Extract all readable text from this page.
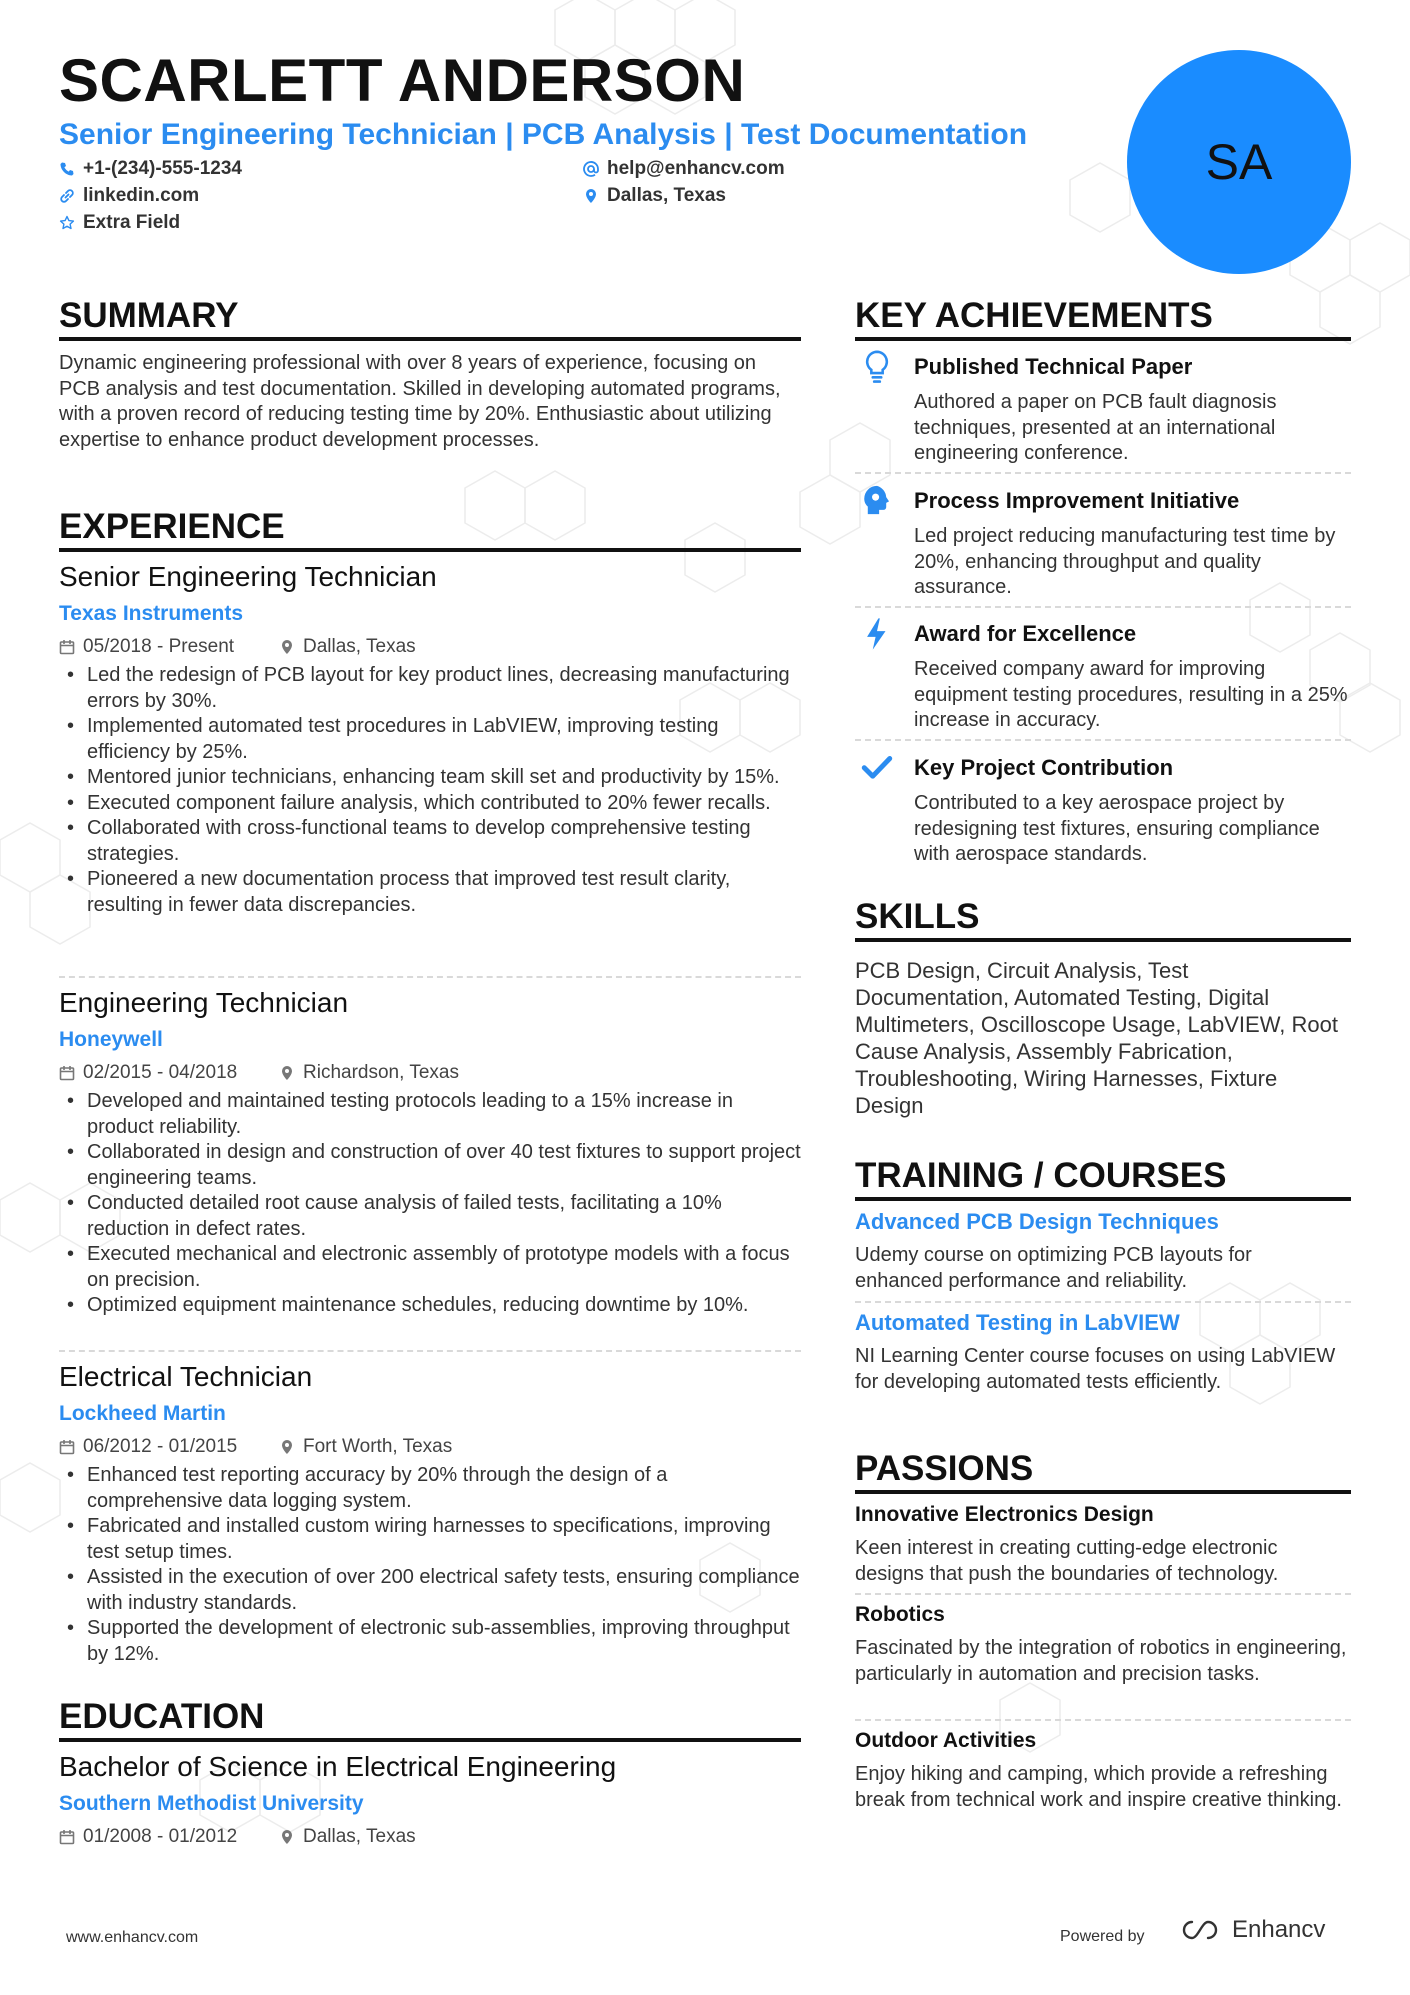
SCARLETT ANDERSON
Senior Engineering Technician | PCB Analysis | Test Documentation
+1-(234)-555-1234	help@enhancv.com
linkedin.com	Dallas, Texas
Extra Field
SA
SUMMARY
Dynamic engineering professional with over 8 years of experience, focusing on PCB analysis and test documentation. Skilled in developing automated programs, with a proven record of reducing testing time by 20%. Enthusiastic about utilizing expertise to enhance product development processes.
EXPERIENCE
Senior Engineering Technician
Texas Instruments
05/2018 - Present	Dallas, Texas
• Led the redesign of PCB layout for key product lines, decreasing manufacturing errors by 30%.
• Implemented automated test procedures in LabVIEW, improving testing efficiency by 25%.
• Mentored junior technicians, enhancing team skill set and productivity by 15%.
• Executed component failure analysis, which contributed to 20% fewer recalls.
• Collaborated with cross-functional teams to develop comprehensive testing strategies.
• Pioneered a new documentation process that improved test result clarity, resulting in fewer data discrepancies.
Engineering Technician
Honeywell
02/2015 - 04/2018	Richardson, Texas
• Developed and maintained testing protocols leading to a 15% increase in product reliability.
• Collaborated in design and construction of over 40 test fixtures to support project engineering teams.
• Conducted detailed root cause analysis of failed tests, facilitating a 10% reduction in defect rates.
• Executed mechanical and electronic assembly of prototype models with a focus on precision.
• Optimized equipment maintenance schedules, reducing downtime by 10%.
Electrical Technician
Lockheed Martin
06/2012 - 01/2015	Fort Worth, Texas
• Enhanced test reporting accuracy by 20% through the design of a comprehensive data logging system.
• Fabricated and installed custom wiring harnesses to specifications, improving test setup times.
• Assisted in the execution of over 200 electrical safety tests, ensuring compliance with industry standards.
• Supported the development of electronic sub-assemblies, improving throughput by 12%.
EDUCATION
Bachelor of Science in Electrical Engineering
Southern Methodist University
01/2008 - 01/2012	Dallas, Texas
KEY ACHIEVEMENTS
Published Technical Paper
Authored a paper on PCB fault diagnosis techniques, presented at an international engineering conference.
Process Improvement Initiative
Led project reducing manufacturing test time by 20%, enhancing throughput and quality assurance.
Award for Excellence
Received company award for improving equipment testing procedures, resulting in a 25% increase in accuracy.
Key Project Contribution
Contributed to a key aerospace project by redesigning test fixtures, ensuring compliance with aerospace standards.
SKILLS
PCB Design, Circuit Analysis, Test Documentation, Automated Testing, Digital Multimeters, Oscilloscope Usage, LabVIEW, Root Cause Analysis, Assembly Fabrication, Troubleshooting, Wiring Harnesses, Fixture Design
TRAINING / COURSES
Advanced PCB Design Techniques
Udemy course on optimizing PCB layouts for enhanced performance and reliability.
Automated Testing in LabVIEW
NI Learning Center course focuses on using LabVIEW for developing automated tests efficiently.
PASSIONS
Innovative Electronics Design
Keen interest in creating cutting-edge electronic designs that push the boundaries of technology.
Robotics
Fascinated by the integration of robotics in engineering, particularly in automation and precision tasks.
Outdoor Activities
Enjoy hiking and camping, which provide a refreshing break from technical work and inspire creative thinking.
www.enhancv.com	Powered by	Enhancv
